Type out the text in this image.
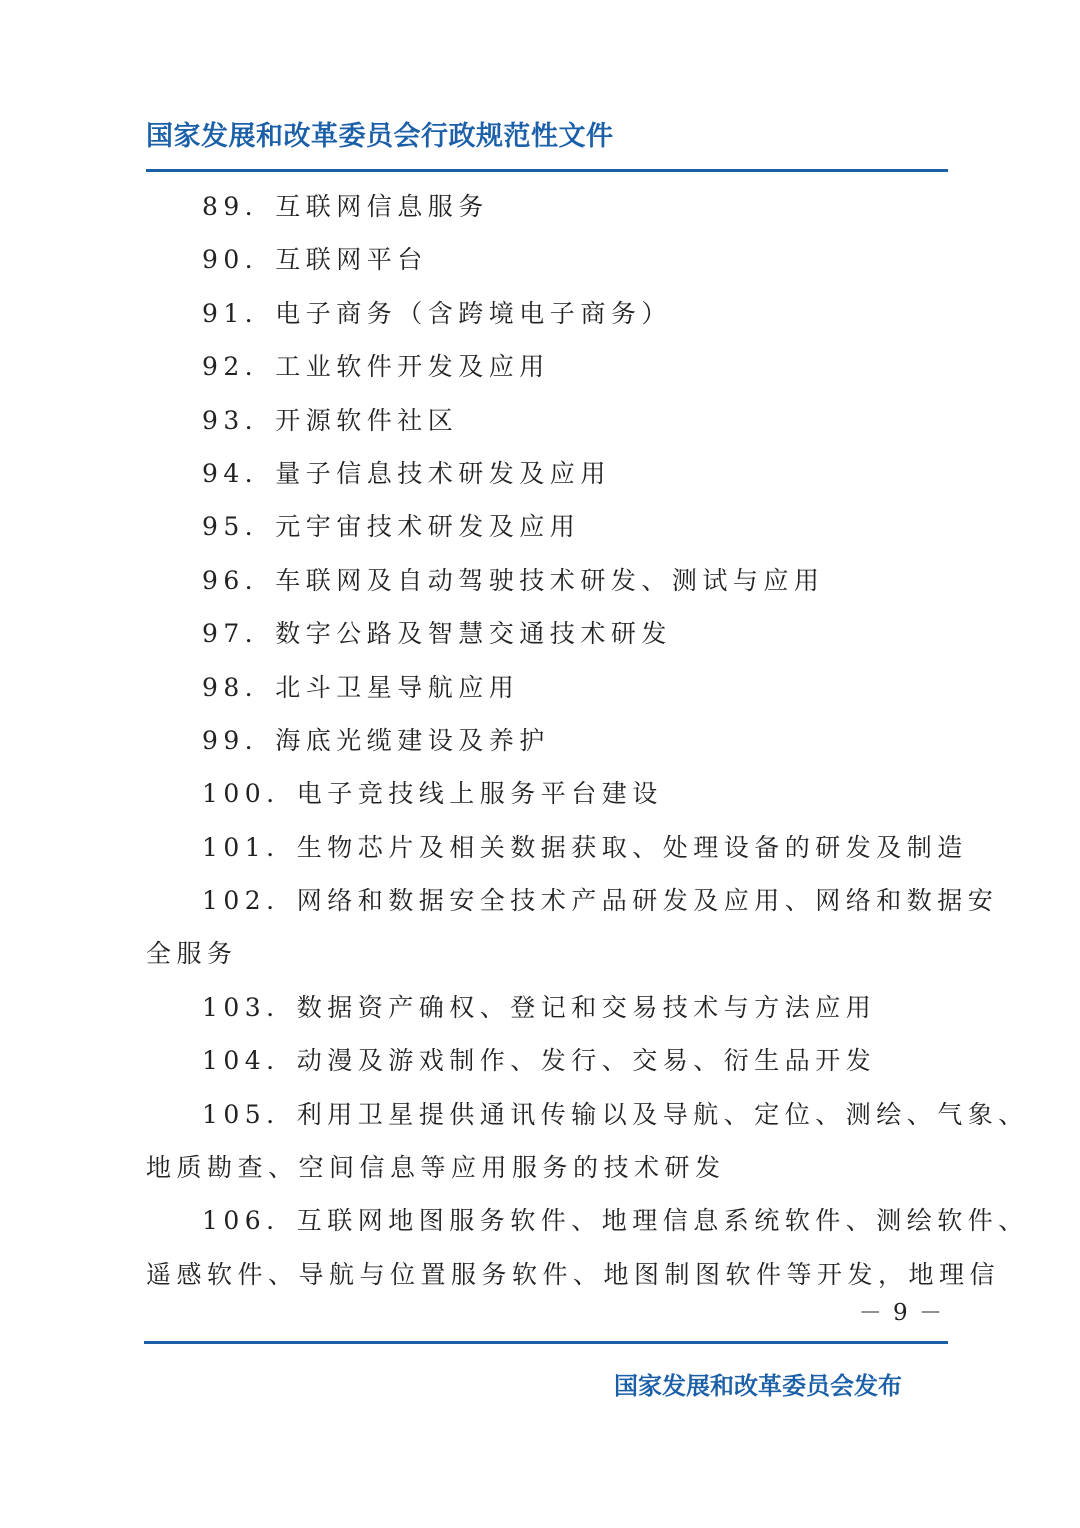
国家发展和改革委员会行政规范性文件
89．互联网信息服务
90．互联网平台
91．电子商务（含跨境电子商务）
92．工业软件开发及应用
93．开源软件社区
94．量子信息技术研发及应用
95．元宇宙技术研发及应用
96．车联网及自动驾驶技术研发、测试与应用
97．数字公路及智慧交通技术研发
98．北斗卫星导航应用
99．海底光缆建设及养护
100．电子竞技线上服务平台建设
101．生物芯片及相关数据获取、处理设备的研发及制造
102．网络和数据安全技术产品研发及应用、网络和数据安
全服务
103．数据资产确权、登记和交易技术与方法应用
104．动漫及游戏制作、发行、交易、衍生品开发
105．利用卫星提供通讯传输以及导航、定位、测绘、气象、
地质勘查、空间信息等应用服务的技术研发
106．互联网地图服务软件、地理信息系统软件、测绘软件、
遥感软件、导航与位置服务软件、地图制图软件等开发，地理信
－ 9 －
国家发展和改革委员会发布
